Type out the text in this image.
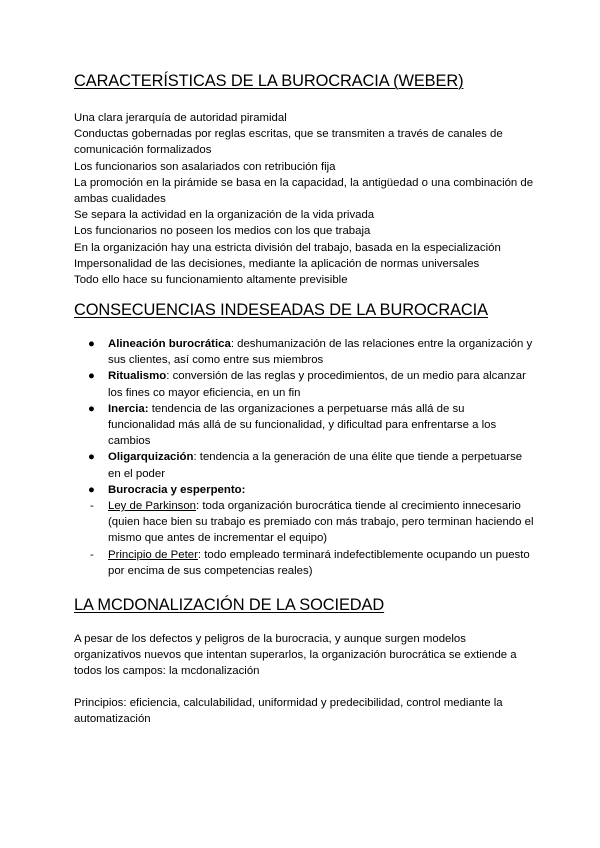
CARACTERÍSTICAS DE LA BUROCRACIA (WEBER)

Una clara jerarquía de autoridad piramidal

Conductas gobernadas por reglas escritas, que se transmiten a través de canales de comunicación formalizados

Los funcionarios son asalariados con retribución fija

La promoción en la pirámide se basa en la capacidad, la antigüedad o una combinación de ambas cualidades

Se separa la actividad en la organización de la vida privada

Los funcionarios no poseen los medios con los que trabaja

En la organización hay una estricta división del trabajo, basada en la especialización

Impersonalidad de las decisiones, mediante la aplicación de normas universales

Todo ello hace su funcionamiento altamente previsible

CONSECUENCIAS INDESEADAS DE LA BUROCRACIA
●	Alineación burocrática: deshumanización de las relaciones entre la organización y sus clientes, así como entre sus miembros
●	Ritualismo: conversión de las reglas y procedimientos, de un medio para alcanzar los fines co mayor eficiencia, en un fin
●	Inercia: tendencia de las organizaciones a perpetuarse más allá de su funcionalidad más allá de su funcionalidad, y dificultad para enfrentarse a los cambios
●	Oligarquización: tendencia a la generación de una élite que tiende a perpetuarse en el poder
●	Burocracia y esperpento:
-	Ley de Parkinson: toda organización burocrática tiende al crecimiento innecesario (quien hace bien su trabajo es premiado con más trabajo, pero terminan haciendo el mismo que antes de incrementar el equipo)
-	Principio de Peter: todo empleado terminará indefectiblemente ocupando un puesto por encima de sus competencias reales)
LA MCDONALIZACIÓN DE LA SOCIEDAD

A pesar de los defectos y peligros de la burocracia, y aunque surgen modelos organizativos nuevos que intentan superarlos, la organización burocrática se extiende a todos los campos: la mcdonalización

Principios: eficiencia, calculabilidad, uniformidad y predecibilidad, control mediante la automatización
